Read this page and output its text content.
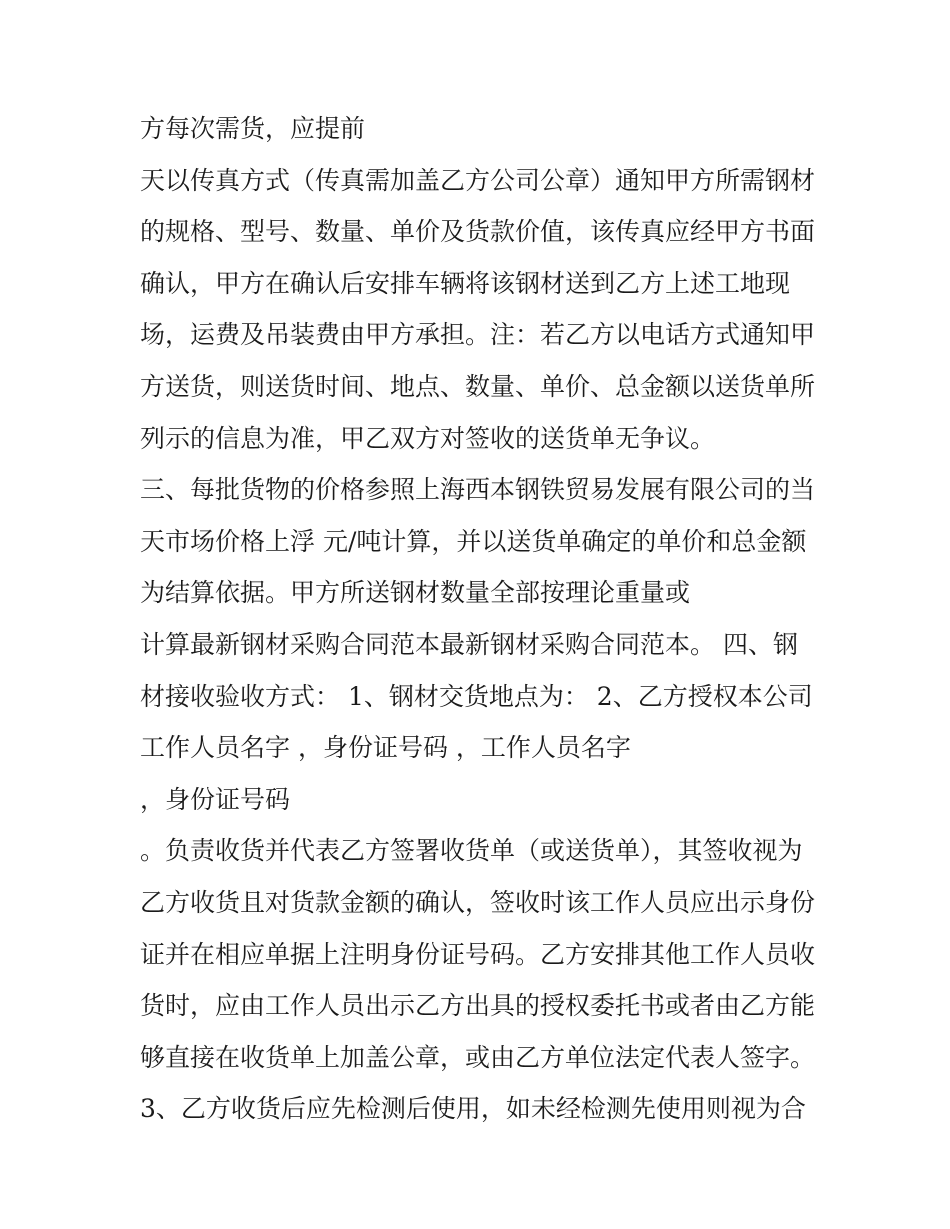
方每次需货，应提前
天以传真方式（传真需加盖乙方公司公章）通知甲方所需钢材
的规格、型号、数量、单价及货款价值，该传真应经甲方书面
确认，甲方在确认后安排车辆将该钢材送到乙方上述工地现
场，运费及吊装费由甲方承担。注：若乙方以电话方式通知甲
方送货，则送货时间、地点、数量、单价、总金额以送货单所
列示的信息为准，甲乙双方对签收的送货单无争议。
三、每批货物的价格参照上海西本钢铁贸易发展有限公司的当
天市场价格上浮 元/吨计算，并以送货单确定的单价和总金额
为结算依据。甲方所送钢材数量全部按理论重量或
计算最新钢材采购合同范本最新钢材采购合同范本。 四、钢
材接收验收方式： 1、钢材交货地点为： 2、乙方授权本公司
工作人员名字 ，身份证号码 ，工作人员名字
，身份证号码
。负责收货并代表乙方签署收货单（或送货单），其签收视为
乙方收货且对货款金额的确认，签收时该工作人员应出示身份
证并在相应单据上注明身份证号码。乙方安排其他工作人员收
货时，应由工作人员出示乙方出具的授权委托书或者由乙方能
够直接在收货单上加盖公章，或由乙方单位法定代表人签字。
3、乙方收货后应先检测后使用，如未经检测先使用则视为合
